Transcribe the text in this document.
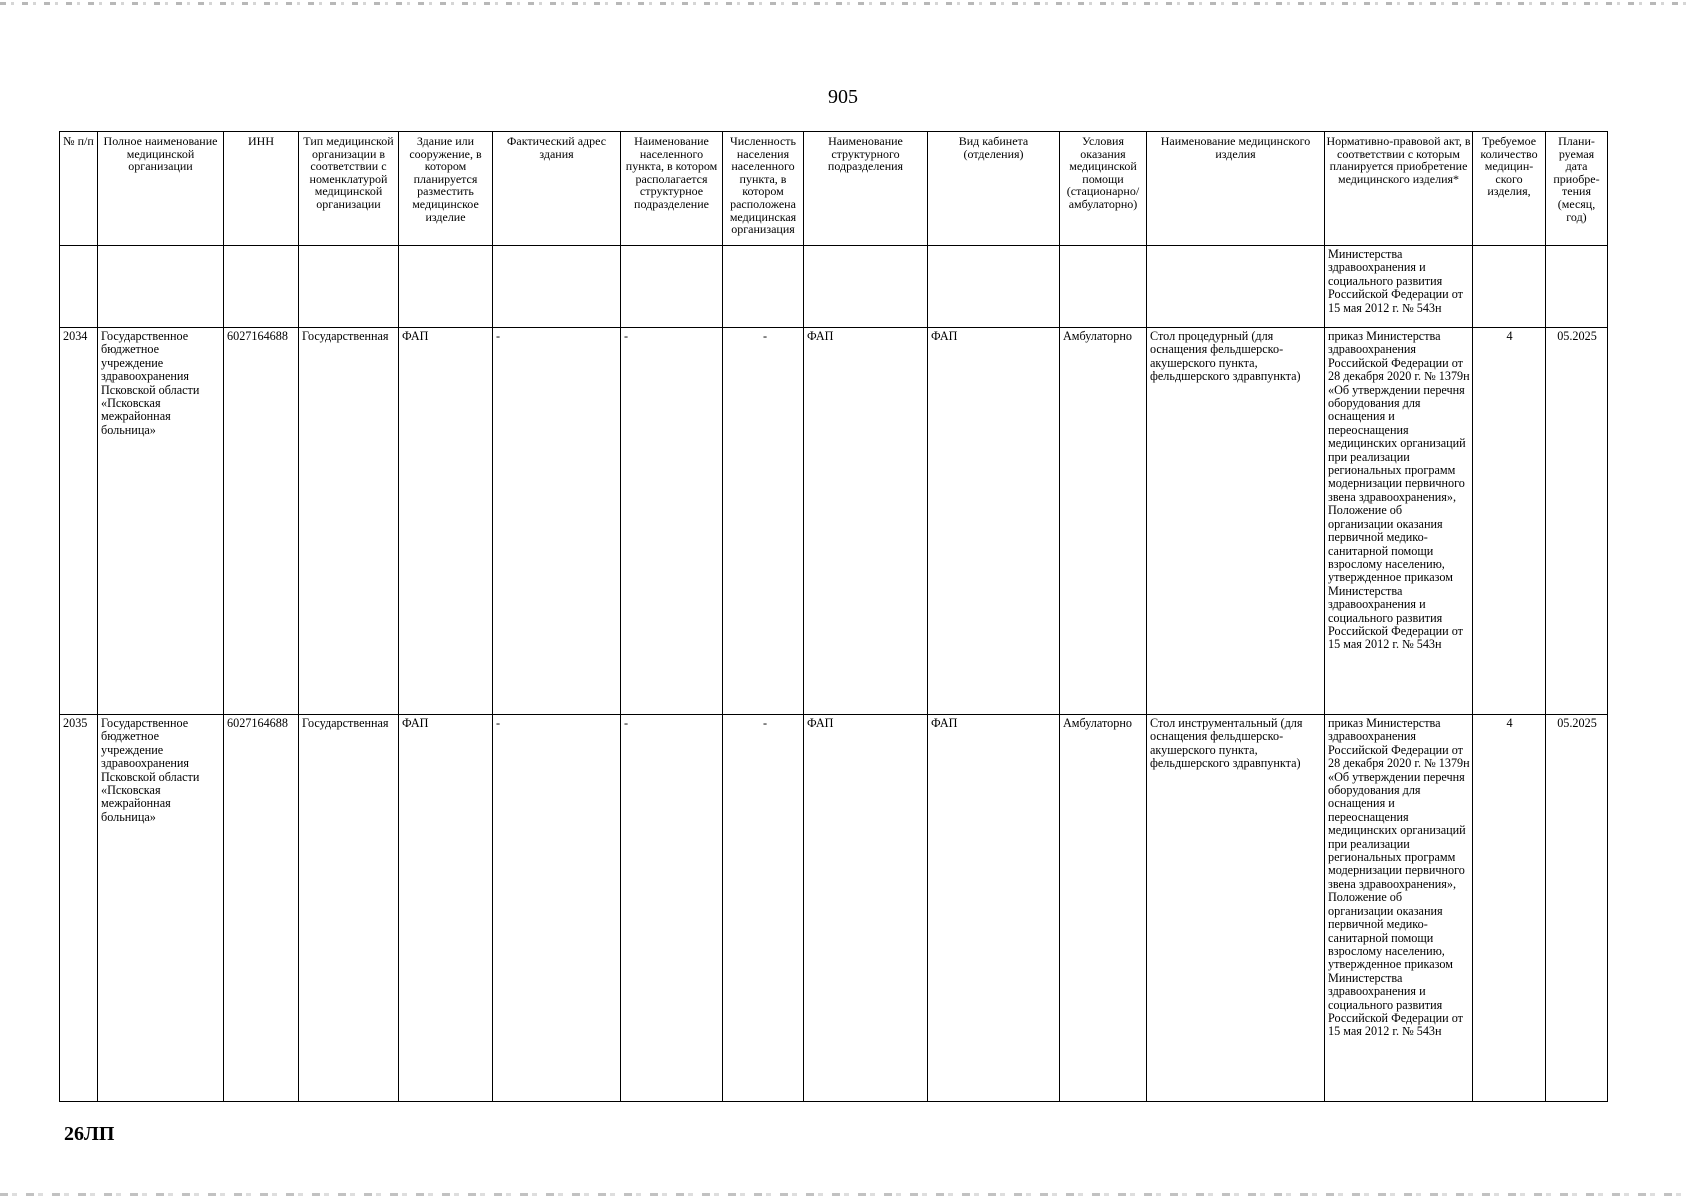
905
№ п/п	Полное наименование медицинской организации	ИНН	Тип медицинской организации в соответствии с номенклатурой медицинской организации	Здание или сооружение, в котором планируется разместить медицинское изделие	Фактический адрес здания	Наименование населенного пункта, в котором располагается структурное подразделение	Численность населения населенного пункта, в котором расположена медицинская организация	Наименование структурного подразделения	Вид кабинета (отделения)	Условия оказания медицинской помощи (стационарно/ амбулаторно)	Наименование медицинского изделия	Нормативно-правовой акт, в соответствии с которым планируется приобретение медицинского изделия*	Требуемое количество медицин-ского изделия,	Плани-руемая дата приобре-тения (месяц, год)
												Министерства здравоохранения и социального развития Российской Федерации от 15 мая 2012 г. № 543н		
2034	Государственное бюджетное учреждение здравоохранения Псковской области «Псковская межрайонная больница»	6027164688	Государственная	ФАП	-	-	-	ФАП	ФАП	Амбулаторно	Стол процедурный (для оснащения фельдшерско-акушерского пункта, фельдшерского здравпункта)	приказ Министерства здравоохранения Российской Федерации от 28 декабря 2020 г. № 1379н «Об утверждении перечня оборудования для оснащения и переоснащения медицинских организаций при реализации региональных программ модернизации первичного звена здравоохранения», Положение об организации оказания первичной медико-санитарной помощи взрослому населению, утвержденное приказом Министерства здравоохранения и социального развития Российской Федерации от 15 мая 2012 г. № 543н	4	05.2025
2035	Государственное бюджетное учреждение здравоохранения Псковской области «Псковская межрайонная больница»	6027164688	Государственная	ФАП	-	-	-	ФАП	ФАП	Амбулаторно	Стол инструментальный (для оснащения фельдшерско-акушерского пункта, фельдшерского здравпункта)	приказ Министерства здравоохранения Российской Федерации от 28 декабря 2020 г. № 1379н «Об утверждении перечня оборудования для оснащения и переоснащения медицинских организаций при реализации региональных программ модернизации первичного звена здравоохранения», Положение об организации оказания первичной медико-санитарной помощи взрослому населению, утвержденное приказом Министерства здравоохранения и социального развития Российской Федерации от 15 мая 2012 г. № 543н	4	05.2025
26ЛП
